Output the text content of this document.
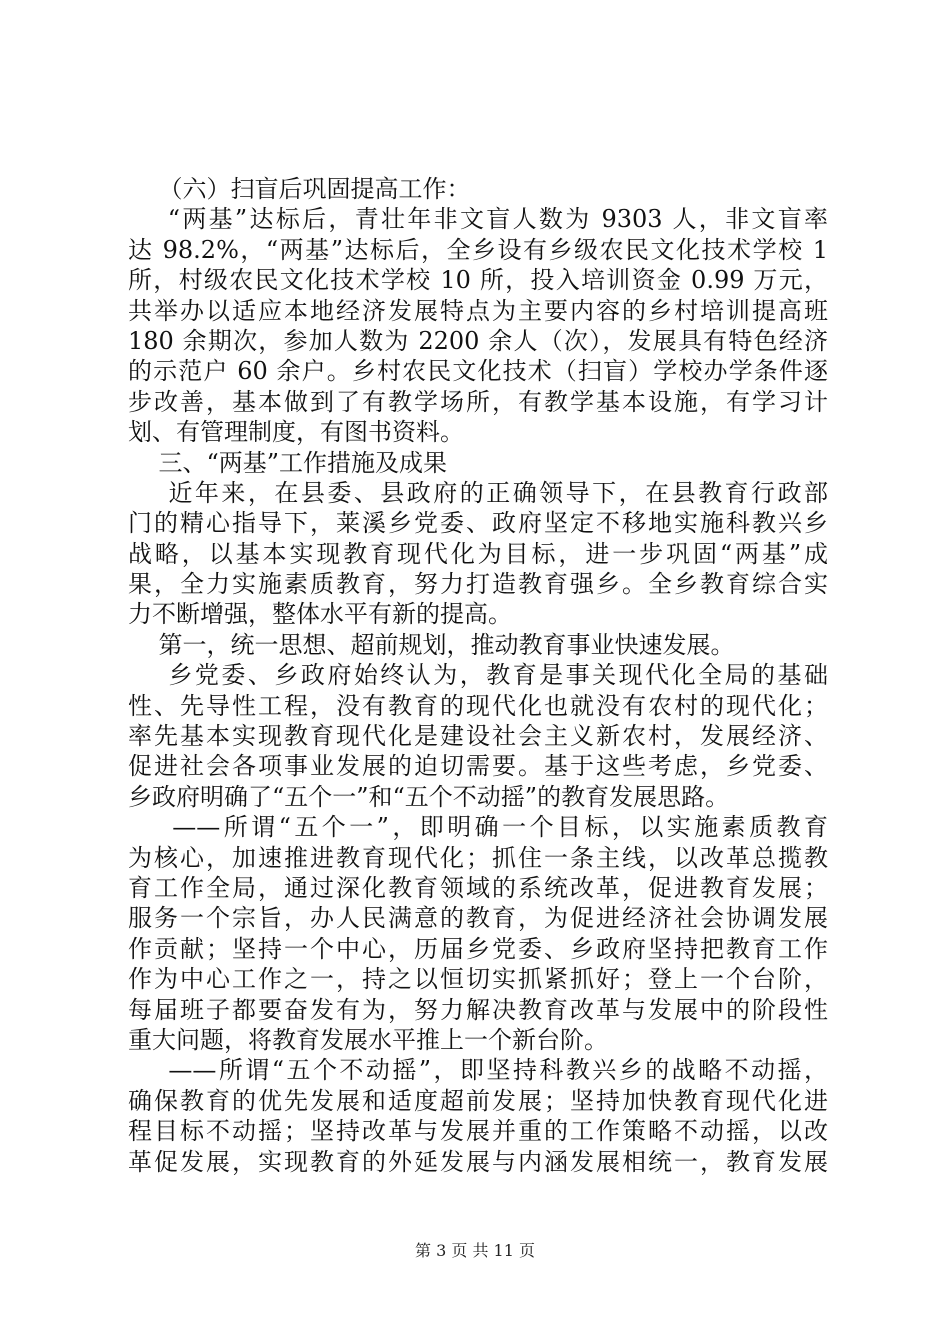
（六）扫盲后巩固提高工作：
“两基”达标后，青壮年非文盲人数为 9303 人，非文盲率
达 98.2%，“两基”达标后，全乡设有乡级农民文化技术学校 1
所，村级农民文化技术学校 10 所，投入培训资金 0.99 万元，
共举办以适应本地经济发展特点为主要内容的乡村培训提高班
180 余期次，参加人数为 2200 余人（次），发展具有特色经济
的示范户 60 余户。乡村农民文化技术（扫盲）学校办学条件逐
步改善，基本做到了有教学场所，有教学基本设施，有学习计
划、有管理制度，有图书资料。
三、“两基”工作措施及成果
近年来，在县委、县政府的正确领导下，在县教育行政部
门的精心指导下，莱溪乡党委、政府坚定不移地实施科教兴乡
战略，以基本实现教育现代化为目标，进一步巩固“两基”成
果，全力实施素质教育，努力打造教育强乡。全乡教育综合实
力不断增强，整体水平有新的提高。
第一，统一思想、超前规划，推动教育事业快速发展。
乡党委、乡政府始终认为，教育是事关现代化全局的基础
性、先导性工程，没有教育的现代化也就没有农村的现代化；
率先基本实现教育现代化是建设社会主义新农村，发展经济、
促进社会各项事业发展的迫切需要。基于这些考虑，乡党委、
乡政府明确了“五个一”和“五个不动摇”的教育发展思路。
——所谓“五个一”，即明确一个目标，以实施素质教育
为核心，加速推进教育现代化；抓住一条主线，以改革总揽教
育工作全局，通过深化教育领域的系统改革，促进教育发展；
服务一个宗旨，办人民满意的教育，为促进经济社会协调发展
作贡献；坚持一个中心，历届乡党委、乡政府坚持把教育工作
作为中心工作之一，持之以恒切实抓紧抓好；登上一个台阶，
每届班子都要奋发有为，努力解决教育改革与发展中的阶段性
重大问题，将教育发展水平推上一个新台阶。
——所谓“五个不动摇”，即坚持科教兴乡的战略不动摇，
确保教育的优先发展和适度超前发展；坚持加快教育现代化进
程目标不动摇；坚持改革与发展并重的工作策略不动摇，以改
革促发展，实现教育的外延发展与内涵发展相统一，教育发展
第 3 页 共 11 页
